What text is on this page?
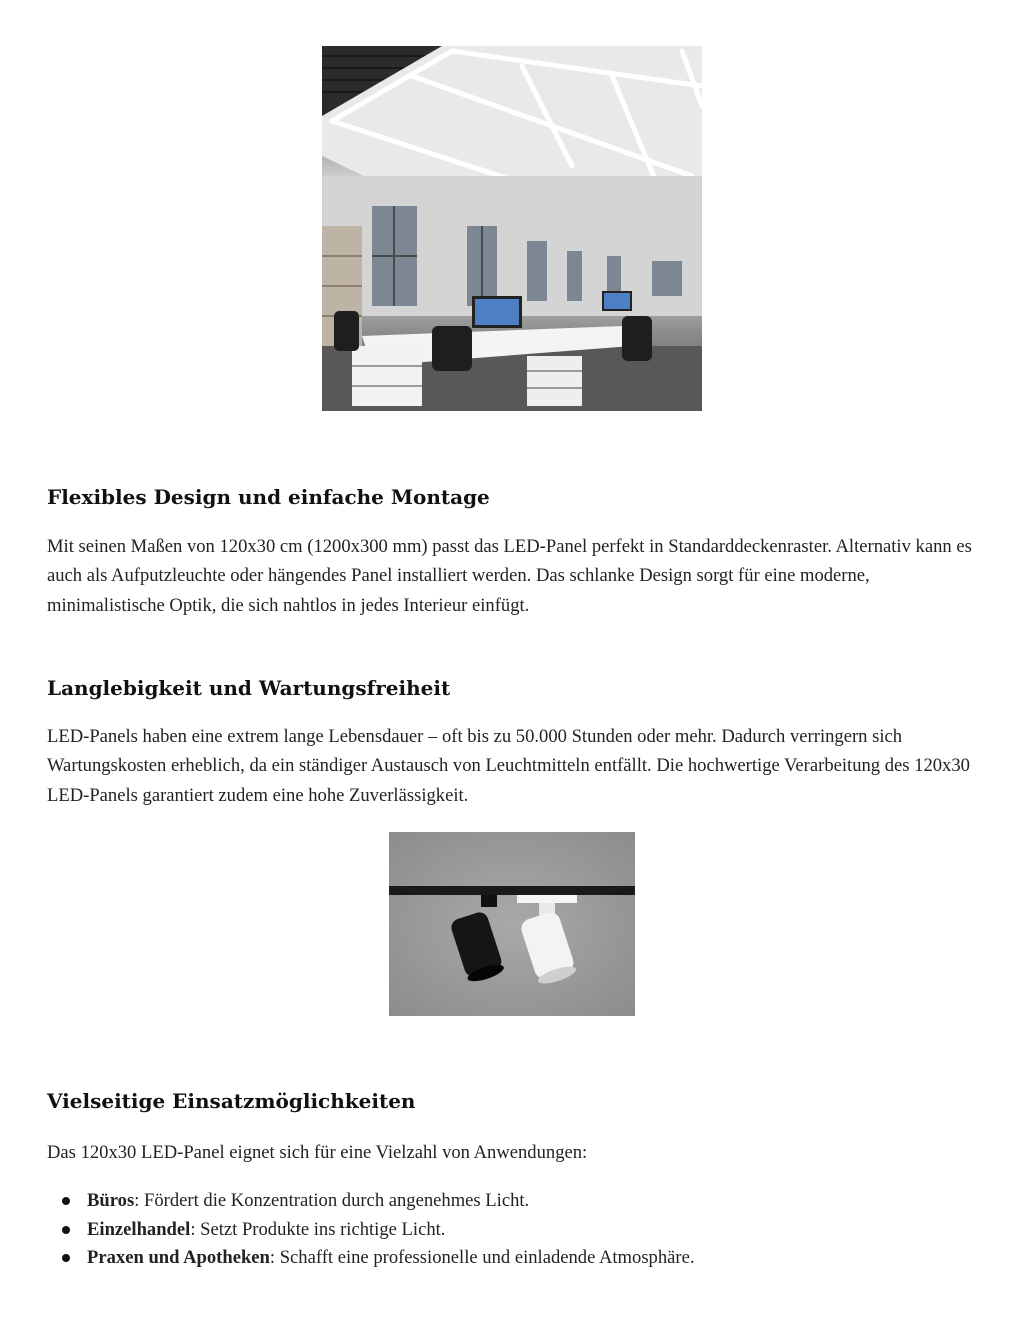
Flexibles Design und einfache Montage

Mit seinen Maßen von 120x30 cm (1200x300 mm) passt das LED-Panel perfekt in Standarddeckenraster. Alternativ kann es auch als Aufputzleuchte oder hängendes Panel installiert werden. Das schlanke Design sorgt für eine moderne, minimalistische Optik, die sich nahtlos in jedes Interieur einfügt.

Langlebigkeit und Wartungsfreiheit

LED-Panels haben eine extrem lange Lebensdauer – oft bis zu 50.000 Stunden oder mehr. Dadurch verringern sich Wartungskosten erheblich, da ein ständiger Austausch von Leuchtmitteln entfällt. Die hochwertige Verarbeitung des 120x30 LED-Panels garantiert zudem eine hohe Zuverlässigkeit.

Vielseitige Einsatzmöglichkeiten

Das 120x30 LED-Panel eignet sich für eine Vielzahl von Anwendungen:

Büros: Fördert die Konzentration durch angenehmes Licht.
Einzelhandel: Setzt Produkte ins richtige Licht.
Praxen und Apotheken: Schafft eine professionelle und einladende Atmosphäre.
